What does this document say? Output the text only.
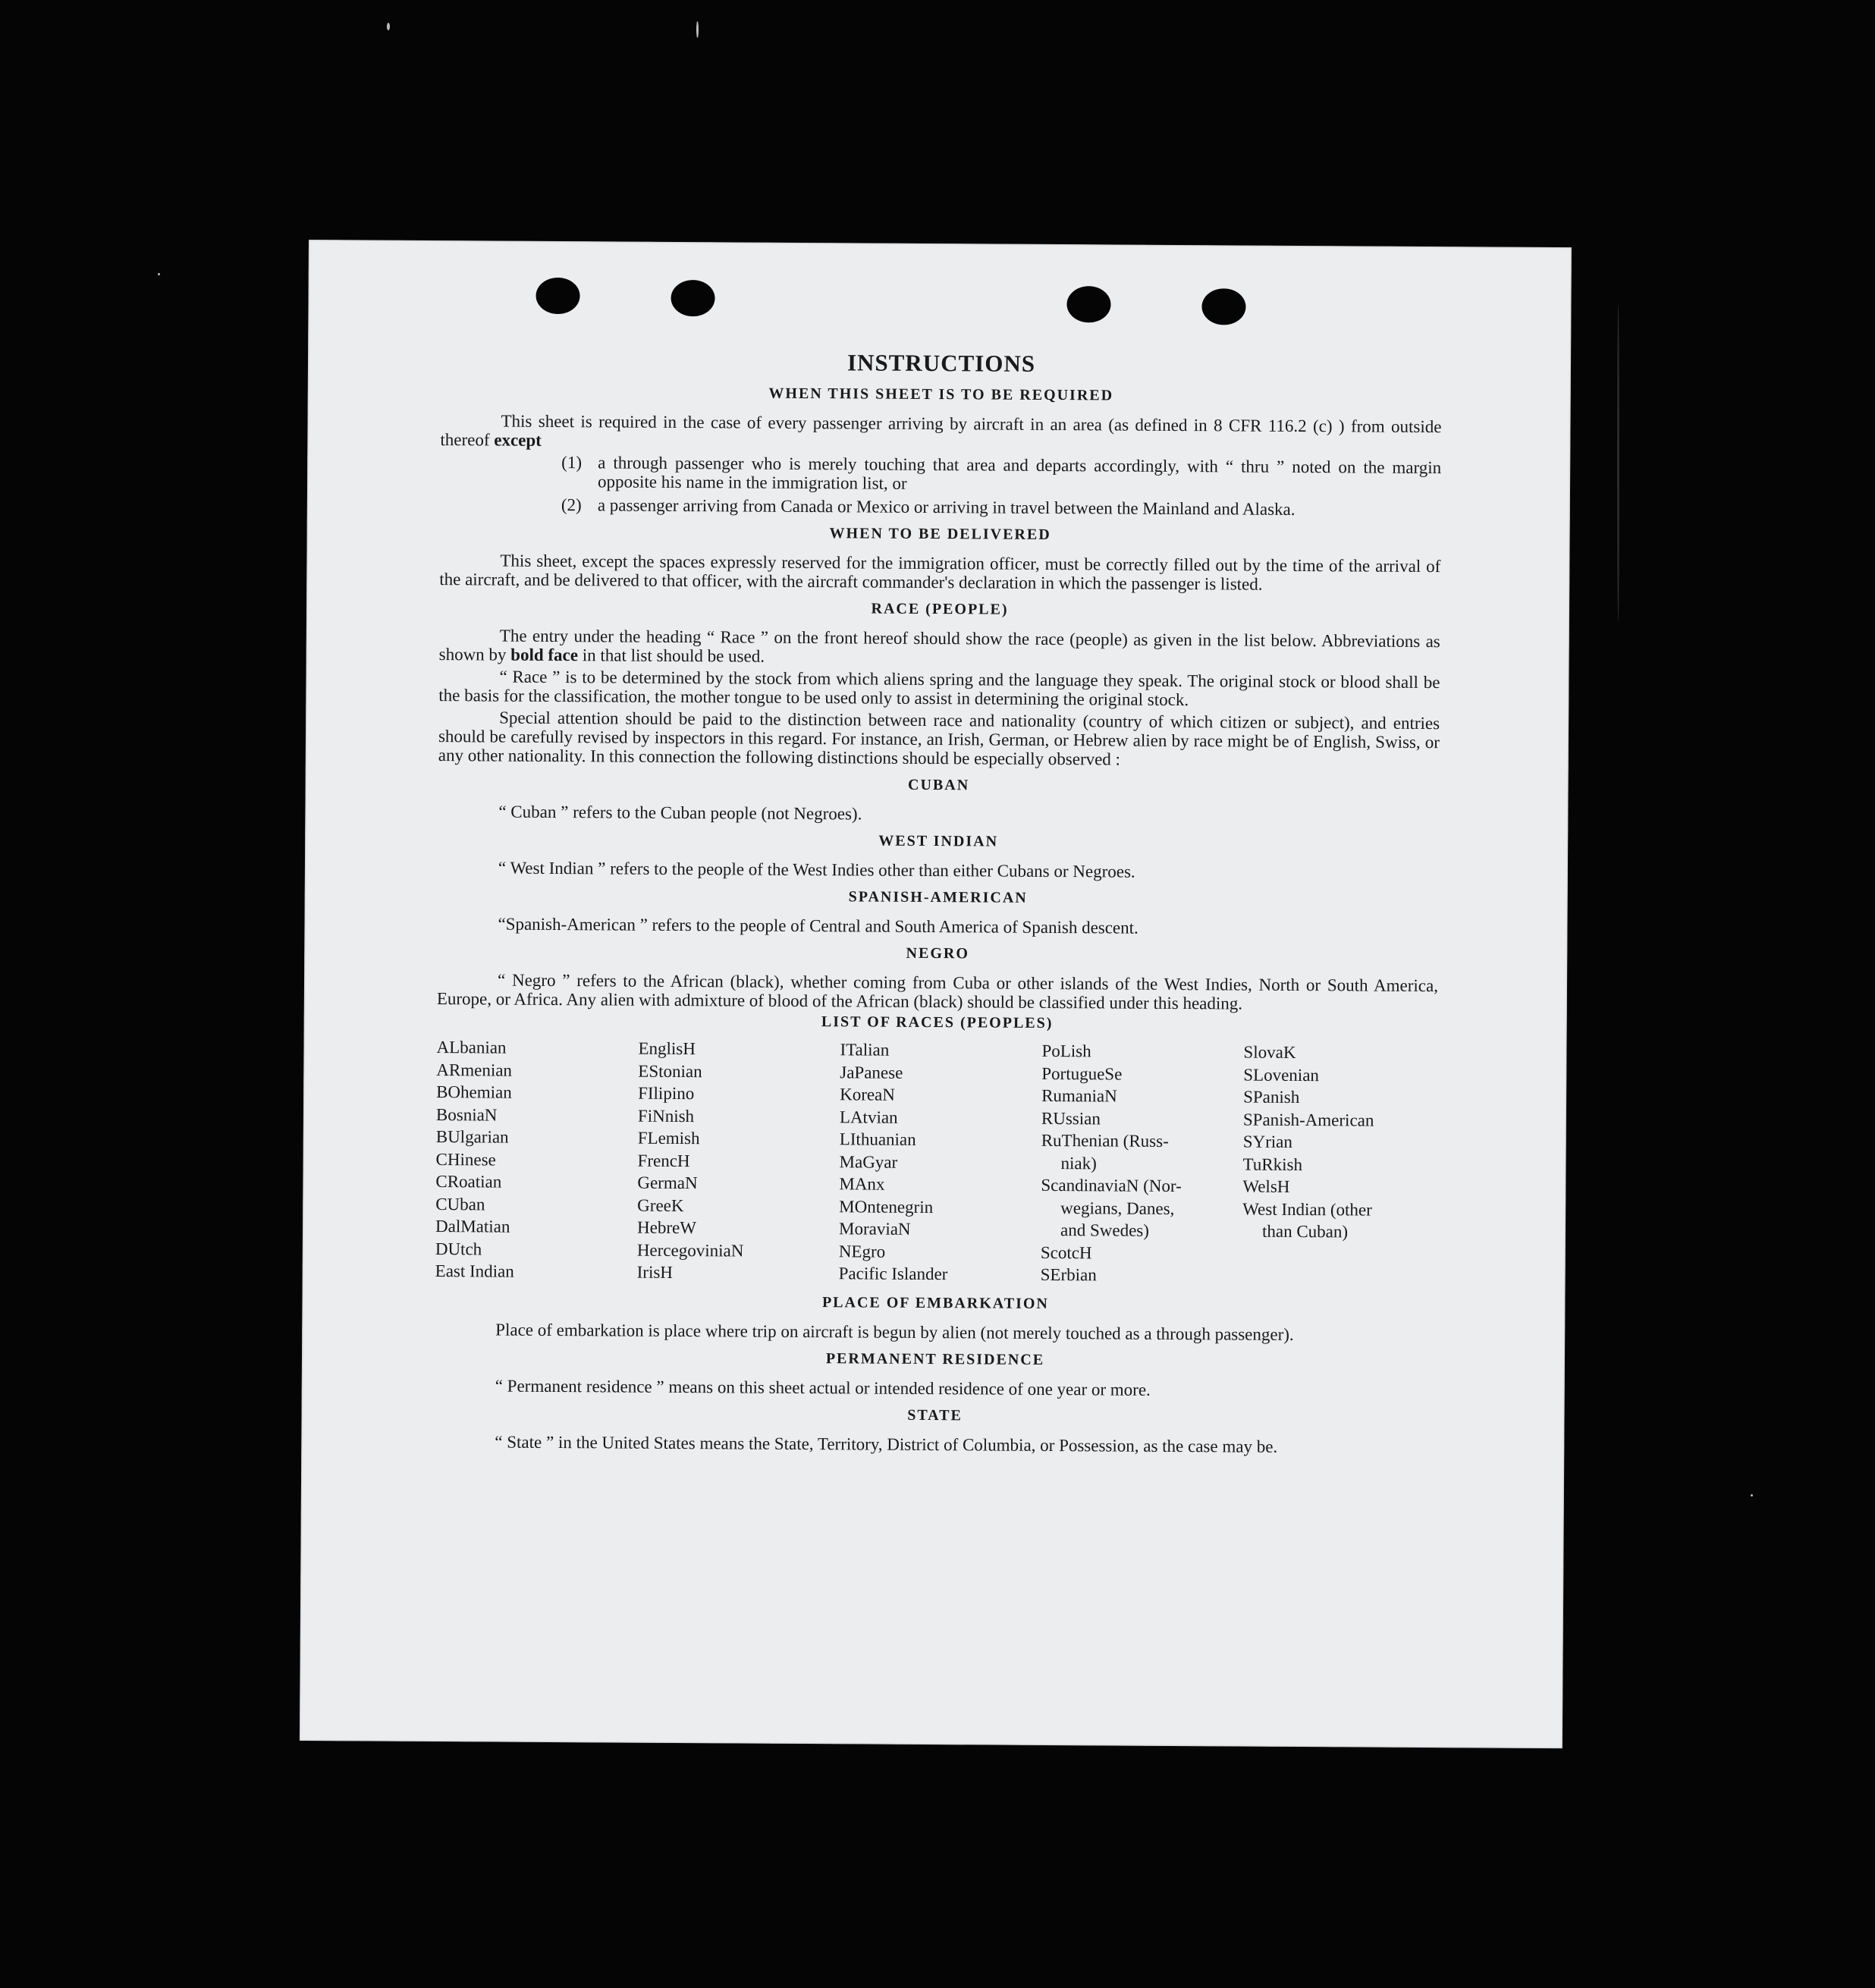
INSTRUCTIONS
WHEN THIS SHEET IS TO BE REQUIRED

This sheet is required in the case of every passenger arriving by aircraft in an area (as defined in 8 CFR 116.2 (c) ) from outside thereof except

(1) a through passenger who is merely touching that area and departs accordingly, with “ thru ” noted on the margin opposite his name in the immigration list, or
(2) a passenger arriving from Canada or Mexico or arriving in travel between the Mainland and Alaska.
WHEN TO BE DELIVERED

This sheet, except the spaces expressly reserved for the immigration officer, must be correctly filled out by the time of the arrival of the aircraft, and be delivered to that officer, with the aircraft commander's declaration in which the passenger is listed.

RACE (PEOPLE)

The entry under the heading “ Race ” on the front hereof should show the race (people) as given in the list below. Abbreviations as shown by bold face in that list should be used.

“ Race ” is to be determined by the stock from which aliens spring and the language they speak. The original stock or blood shall be the basis for the classification, the mother tongue to be used only to assist in determining the original stock.

Special attention should be paid to the distinction between race and nationality (country of which citizen or subject), and entries should be carefully revised by inspectors in this regard. For instance, an Irish, German, or Hebrew alien by race might be of English, Swiss, or any other nationality. In this connection the following distinctions should be especially observed :

CUBAN

“ Cuban ” refers to the Cuban people (not Negroes).

WEST INDIAN

“ West Indian ” refers to the people of the West Indies other than either Cubans or Negroes.

SPANISH-AMERICAN

“Spanish-American ” refers to the people of Central and South America of Spanish descent.

NEGRO

“ Negro ” refers to the African (black), whether coming from Cuba or other islands of the West Indies, North or South America, Europe, or Africa. Any alien with admixture of blood of the African (black) should be classified under this heading.

LIST OF RACES (PEOPLES)
ALbanian
ARmenian
BOhemian
BosniaN
BUlgarian
CHinese
CRoatian
CUban
DalMatian
DUtch
East Indian
EnglisH
EStonian
FIlipino
FiNnish
FLemish
FrencH
GermaN
GreeK
HebreW
HercegoviniaN
IrisH
ITalian
JaPanese
KoreaN
LAtvian
LIthuanian
MaGyar
MAnx
MOntenegrin
MoraviaN
NEgro
Pacific Islander
PoLish
PortugueSe
RumaniaN
RUssian
RuThenian (Russ-
niak)
ScandinaviaN (Nor-
wegians, Danes,
and Swedes)
ScotcH
SErbian
SlovaK
SLovenian
SPanish
SPanish-American
SYrian
TuRkish
WelsH
West Indian (other
than Cuban)
PLACE OF EMBARKATION

Place of embarkation is place where trip on aircraft is begun by alien (not merely touched as a through passenger).

PERMANENT RESIDENCE

“ Permanent residence ” means on this sheet actual or intended residence of one year or more.

STATE

“ State ” in the United States means the State, Territory, District of Columbia, or Possession, as the case may be.
